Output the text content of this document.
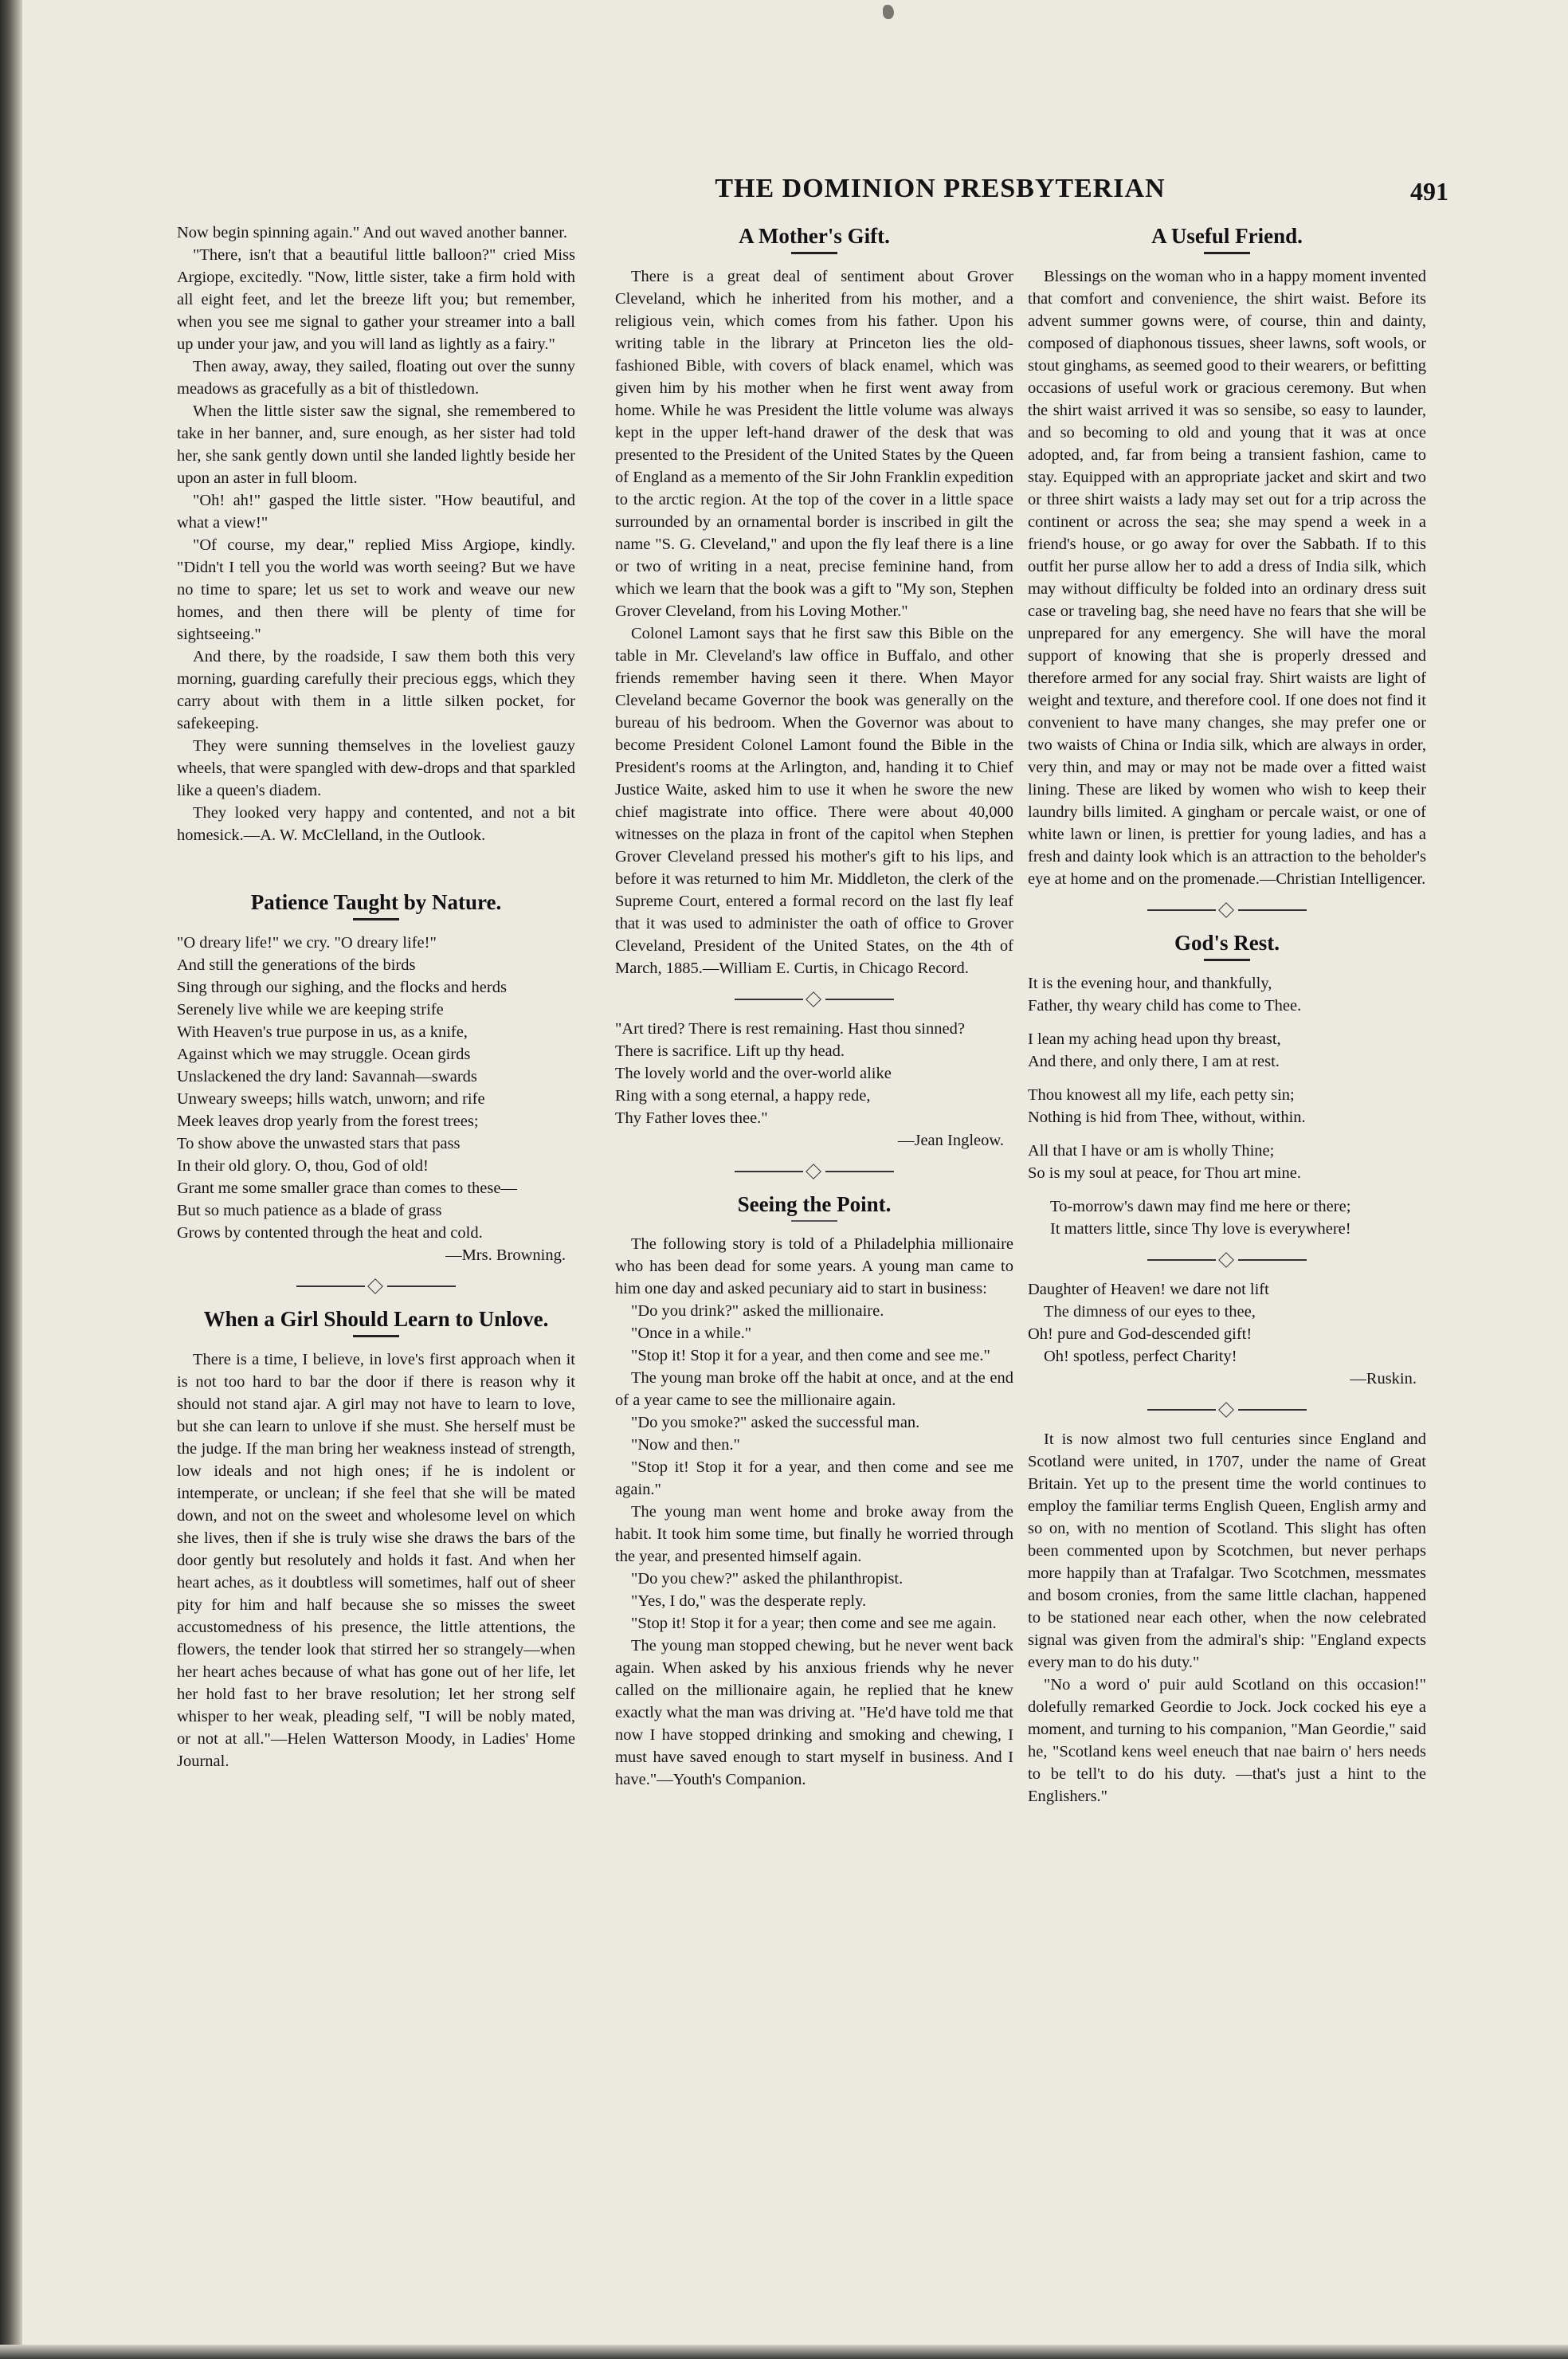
THE DOMINION PRESBYTERIAN	491

Now begin spinning again." And out waved another banner.

"There, isn't that a beautiful little balloon?" cried Miss Argiope, excitedly. "Now, little sister, take a firm hold with all eight feet, and let the breeze lift you; but remember, when you see me signal to gather your streamer into a ball up under your jaw, and you will land as lightly as a fairy."

Then away, away, they sailed, floating out over the sunny meadows as gracefully as a bit of thistledown.

When the little sister saw the signal, she remembered to take in her banner, and, sure enough, as her sister had told her, she sank gently down until she landed lightly beside her upon an aster in full bloom.

"Oh! ah!" gasped the little sister. "How beautiful, and what a view!"

"Of course, my dear," replied Miss Argiope, kindly. "Didn't I tell you the world was worth seeing? But we have no time to spare; let us set to work and weave our new homes, and then there will be plenty of time for sightseeing."

And there, by the roadside, I saw them both this very morning, guarding carefully their precious eggs, which they carry about with them in a little silken pocket, for safekeeping.

They were sunning themselves in the loveliest gauzy wheels, that were spangled with dew-drops and that sparkled like a queen's diadem.

They looked very happy and contented, and not a bit homesick.—A. W. McClelland, in the Outlook.

Patience Taught by Nature.

"O dreary life!" we cry. "O dreary life!"

And still the generations of the birds

Sing through our sighing, and the flocks and herds

Serenely live while we are keeping strife

With Heaven's true purpose in us, as a knife,

Against which we may struggle. Ocean girds

Unslackened the dry land: Savannah—swards

Unweary sweeps; hills watch, unworn; and rife

Meek leaves drop yearly from the forest trees;

To show above the unwasted stars that pass

In their old glory. O, thou, God of old!

Grant me some smaller grace than comes to these—

But so much patience as a blade of grass

Grows by contented through the heat and cold.

—Mrs. Browning.

When a Girl Should Learn to Unlove.

There is a time, I believe, in love's first approach when it is not too hard to bar the door if there is reason why it should not stand ajar. A girl may not have to learn to love, but she can learn to unlove if she must. She herself must be the judge. If the man bring her weakness instead of strength, low ideals and not high ones; if he is indolent or intemperate, or unclean; if she feel that she will be mated down, and not on the sweet and wholesome level on which she lives, then if she is truly wise she draws the bars of the door gently but resolutely and holds it fast. And when her heart aches, as it doubtless will sometimes, half out of sheer pity for him and half because she so misses the sweet accustomedness of his presence, the little attentions, the flowers, the tender look that stirred her so strangely—when her heart aches because of what has gone out of her life, let her hold fast to her brave resolution; let her strong self whisper to her weak, pleading self, "I will be nobly mated, or not at all."—Helen Watterson Moody, in Ladies' Home Journal.

A Mother's Gift.

There is a great deal of sentiment about Grover Cleveland, which he inherited from his mother, and a religious vein, which comes from his father. Upon his writing table in the library at Princeton lies the old-fashioned Bible, with covers of black enamel, which was given him by his mother when he first went away from home. While he was President the little volume was always kept in the upper left-hand drawer of the desk that was presented to the President of the United States by the Queen of England as a memento of the Sir John Franklin expedition to the arctic region. At the top of the cover in a little space surrounded by an ornamental border is inscribed in gilt the name "S. G. Cleveland," and upon the fly leaf there is a line or two of writing in a neat, precise feminine hand, from which we learn that the book was a gift to "My son, Stephen Grover Cleveland, from his Loving Mother."

Colonel Lamont says that he first saw this Bible on the table in Mr. Cleveland's law office in Buffalo, and other friends remember having seen it there. When Mayor Cleveland became Governor the book was generally on the bureau of his bedroom. When the Governor was about to become President Colonel Lamont found the Bible in the President's rooms at the Arlington, and, handing it to Chief Justice Waite, asked him to use it when he swore the new chief magistrate into office. There were about 40,000 witnesses on the plaza in front of the capitol when Stephen Grover Cleveland pressed his mother's gift to his lips, and before it was returned to him Mr. Middleton, the clerk of the Supreme Court, entered a formal record on the last fly leaf that it was used to administer the oath of office to Grover Cleveland, President of the United States, on the 4th of March, 1885.—William E. Curtis, in Chicago Record.

"Art tired? There is rest remaining. Hast thou sinned?

There is sacrifice. Lift up thy head.

The lovely world and the over-world alike

Ring with a song eternal, a happy rede,

Thy Father loves thee."

—Jean Ingleow.

Seeing the Point.

The following story is told of a Philadelphia millionaire who has been dead for some years. A young man came to him one day and asked pecuniary aid to start in business:

"Do you drink?" asked the millionaire.

"Once in a while."

"Stop it! Stop it for a year, and then come and see me."

The young man broke off the habit at once, and at the end of a year came to see the millionaire again.

"Do you smoke?" asked the successful man.

"Now and then."

"Stop it! Stop it for a year, and then come and see me again."

The young man went home and broke away from the habit. It took him some time, but finally he worried through the year, and presented himself again.

"Do you chew?" asked the philanthropist.

"Yes, I do," was the desperate reply.

"Stop it! Stop it for a year; then come and see me again.

The young man stopped chewing, but he never went back again. When asked by his anxious friends why he never called on the millionaire again, he replied that he knew exactly what the man was driving at. "He'd have told me that now I have stopped drinking and smoking and chewing, I must have saved enough to start myself in business. And I have."—Youth's Companion.

A Useful Friend.

Blessings on the woman who in a happy moment invented that comfort and convenience, the shirt waist. Before its advent summer gowns were, of course, thin and dainty, composed of diaphonous tissues, sheer lawns, soft wools, or stout ginghams, as seemed good to their wearers, or befitting occasions of useful work or gracious ceremony. But when the shirt waist arrived it was so sensibe, so easy to launder, and so becoming to old and young that it was at once adopted, and, far from being a transient fashion, came to stay. Equipped with an appropriate jacket and skirt and two or three shirt waists a lady may set out for a trip across the continent or across the sea; she may spend a week in a friend's house, or go away for over the Sabbath. If to this outfit her purse allow her to add a dress of India silk, which may without difficulty be folded into an ordinary dress suit case or traveling bag, she need have no fears that she will be unprepared for any emergency. She will have the moral support of knowing that she is properly dressed and therefore armed for any social fray. Shirt waists are light of weight and texture, and therefore cool. If one does not find it convenient to have many changes, she may prefer one or two waists of China or India silk, which are always in order, very thin, and may or may not be made over a fitted waist lining. These are liked by women who wish to keep their laundry bills limited. A gingham or percale waist, or one of white lawn or linen, is prettier for young ladies, and has a fresh and dainty look which is an attraction to the beholder's eye at home and on the promenade.—Christian Intelligencer.

God's Rest.

It is the evening hour, and thankfully,

Father, thy weary child has come to Thee.

I lean my aching head upon thy breast,

And there, and only there, I am at rest.

Thou knowest all my life, each petty sin;

Nothing is hid from Thee, without, within.

All that I have or am is wholly Thine;

So is my soul at peace, for Thou art mine.

To-morrow's dawn may find me here or there;

It matters little, since Thy love is everywhere!

Daughter of Heaven! we dare not lift

The dimness of our eyes to thee,

Oh! pure and God-descended gift!

Oh! spotless, perfect Charity!

—Ruskin.

It is now almost two full centuries since England and Scotland were united, in 1707, under the name of Great Britain. Yet up to the present time the world continues to employ the familiar terms English Queen, English army and so on, with no mention of Scotland. This slight has often been commented upon by Scotchmen, but never perhaps more happily than at Trafalgar. Two Scotchmen, messmates and bosom cronies, from the same little clachan, happened to be stationed near each other, when the now celebrated signal was given from the admiral's ship: "England expects every man to do his duty."

"No a word o' puir auld Scotland on this occasion!" dolefully remarked Geordie to Jock. Jock cocked his eye a moment, and turning to his companion, "Man Geordie," said he, "Scotland kens weel eneuch that nae bairn o' hers needs to be tell't to do his duty. —that's just a hint to the Englishers."
